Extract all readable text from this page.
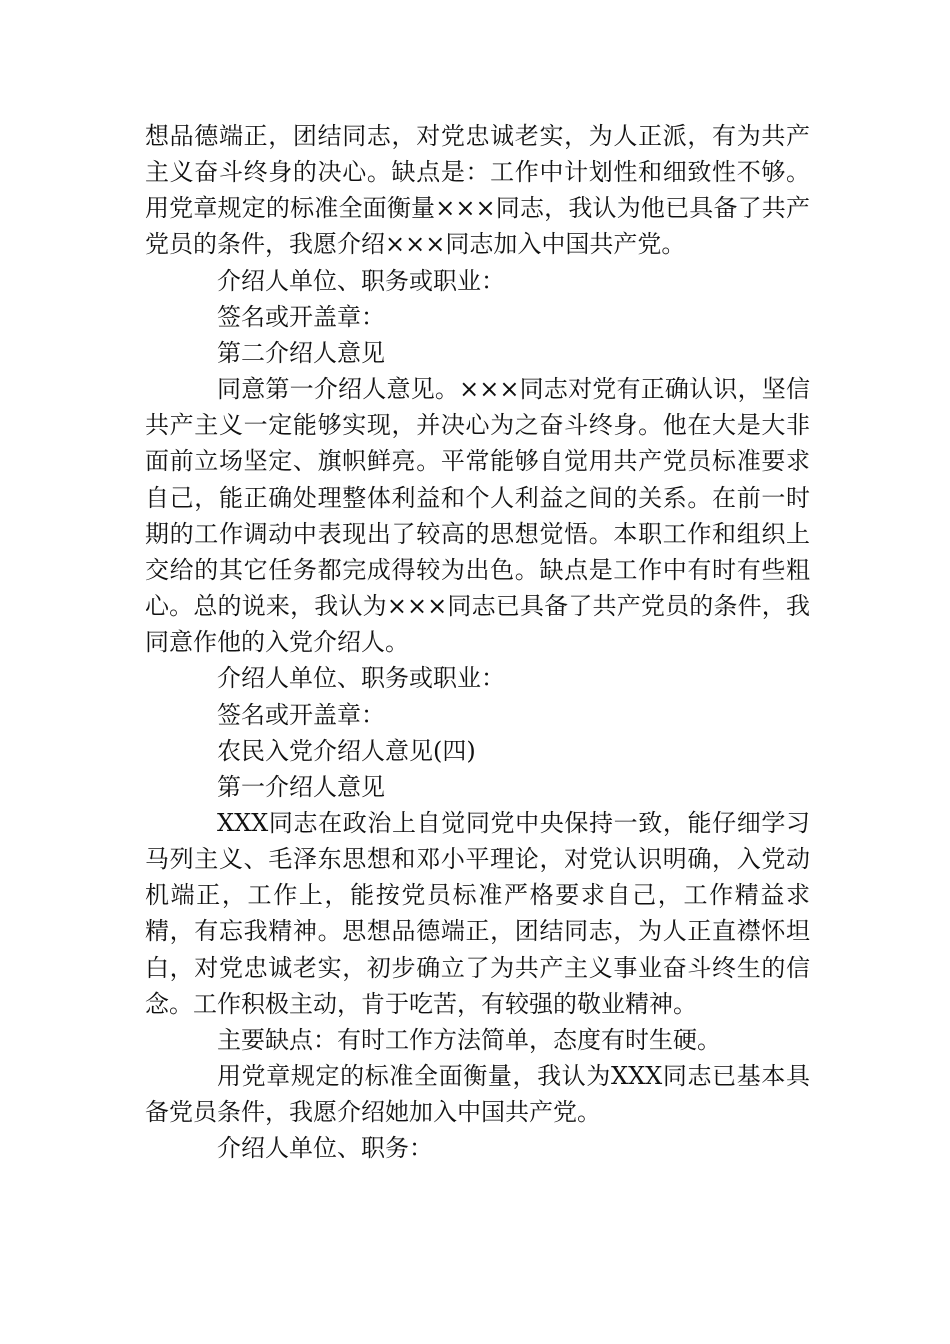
想品德端正，团结同志，对党忠诚老实，为人正派，有为共产主义奋斗终身的决心。缺点是：工作中计划性和细致性不够。用党章规定的标准全面衡量×××同志，我认为他已具备了共产党员的条件，我愿介绍×××同志加入中国共产党。

介绍人单位、职务或职业：

签名或开盖章：

第二介绍人意见

同意第一介绍人意见。×××同志对党有正确认识，坚信共产主义一定能够实现，并决心为之奋斗终身。他在大是大非面前立场坚定、旗帜鲜亮。平常能够自觉用共产党员标准要求自己，能正确处理整体利益和个人利益之间的关系。在前一时期的工作调动中表现出了较高的思想觉悟。本职工作和组织上交给的其它任务都完成得较为出色。缺点是工作中有时有些粗心。总的说来，我认为×××同志已具备了共产党员的条件，我同意作他的入党介绍人。

介绍人单位、职务或职业：

签名或开盖章：

农民入党介绍人意见(四)

第一介绍人意见

XXX同志在政治上自觉同党中央保持一致，能仔细学习马列主义、毛泽东思想和邓小平理论，对党认识明确，入党动机端正，工作上，能按党员标准严格要求自己，工作精益求精，有忘我精神。思想品德端正，团结同志，为人正直襟怀坦白，对党忠诚老实，初步确立了为共产主义事业奋斗终生的信念。工作积极主动，肯于吃苦，有较强的敬业精神。

主要缺点：有时工作方法简单，态度有时生硬。

用党章规定的标准全面衡量，我认为XXX同志已基本具备党员条件，我愿介绍她加入中国共产党。

介绍人单位、职务：
